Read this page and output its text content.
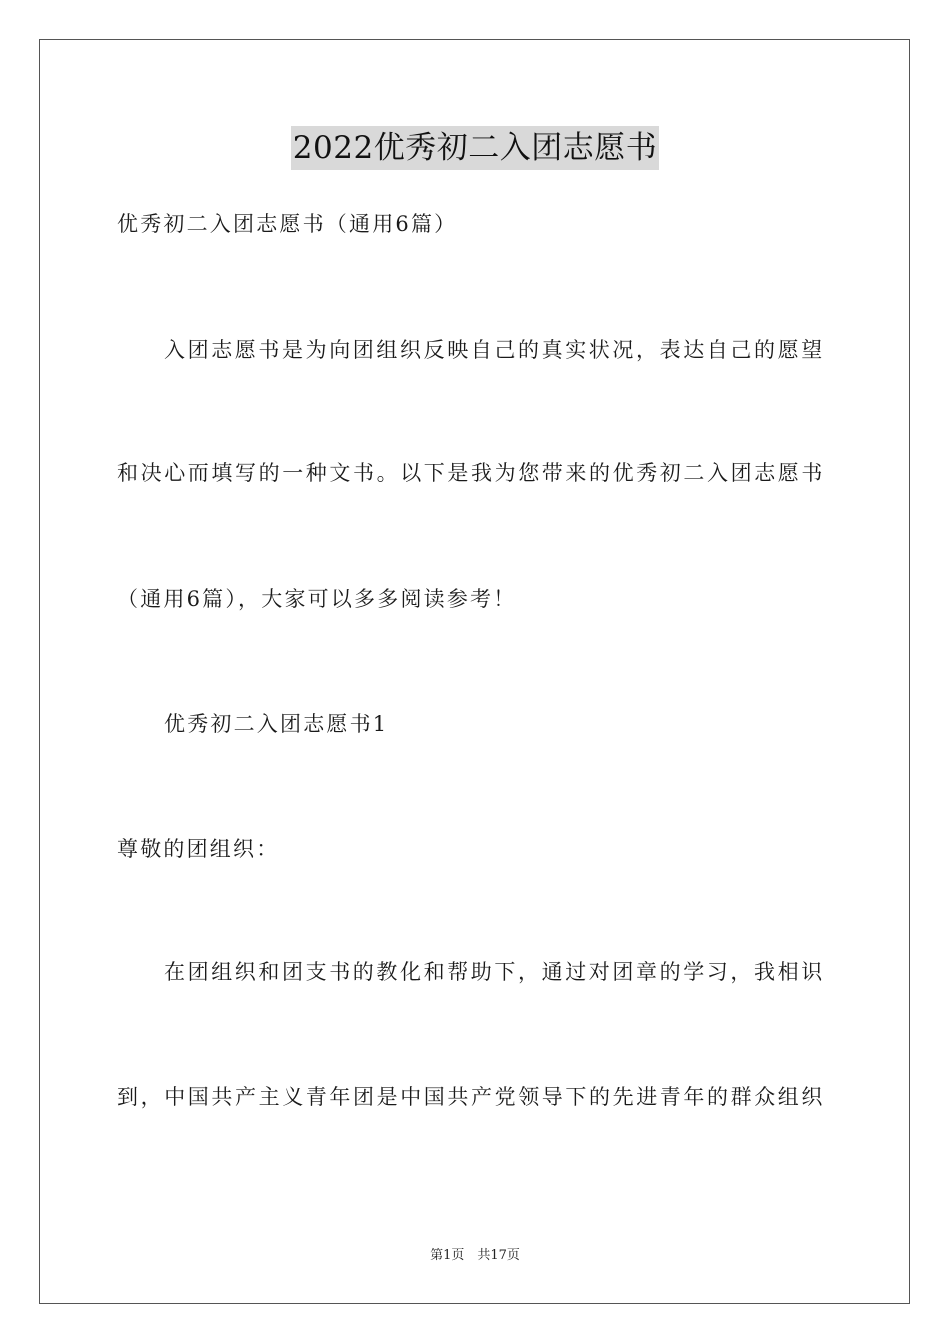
2022优秀初二入团志愿书
优秀初二入团志愿书（通用6篇）
入团志愿书是为向团组织反映自己的真实状况，表达自己的愿望
和决心而填写的一种文书。以下是我为您带来的优秀初二入团志愿书
（通用6篇），大家可以多多阅读参考！
优秀初二入团志愿书1
尊敬的团组织：
在团组织和团支书的教化和帮助下，通过对团章的学习，我相识
到，中国共产主义青年团是中国共产党领导下的先进青年的群众组织
第1页　共17页
